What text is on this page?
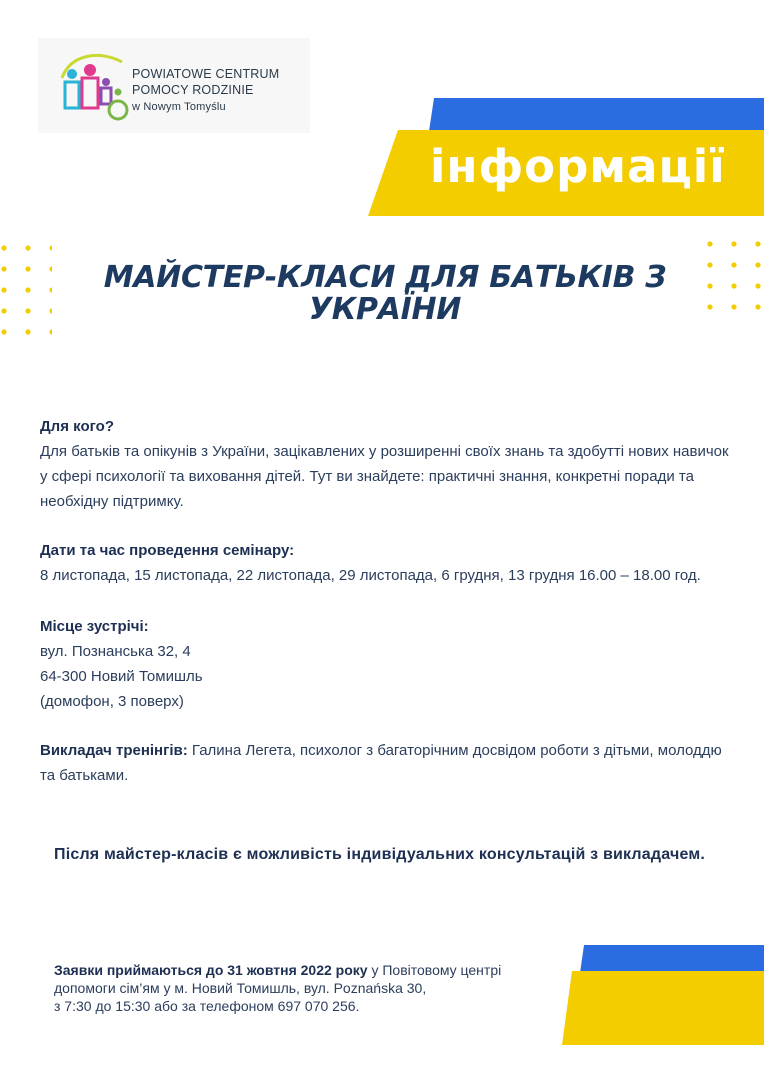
POWIATOWE CENTRUM
POMOCY RODZINIE
w Nowym Tomyślu
інформації
МАЙСТЕР-КЛАСИ ДЛЯ БАТЬКІВ З УКРАЇНИ

Для кого?

Для батьків та опікунів з України, зацікавлених у розширенні своїх знань та здобутті нових навичок у сфері психології та виховання дітей. Тут ви знайдете: практичні знання, конкретні поради та необхідну підтримку.

Дати та час проведення семінару:

8 листопада, 15 листопада, 22 листопада, 29 листопада, 6 грудня, 13 грудня 16.00 – 18.00 год.

Місце зустрічі:

вул. Познанська 32, 4

64-300 Новий Томишль

(домофон, 3 поверх)

Викладач тренінгів: Галина Легета, психолог з багаторічним досвідом роботи з дітьми, молоддю та батьками.

Після майстер-класів є можливість індивідуальних консультацій з викладачем.
Заявки приймаються до 31 жовтня 2022 року у Повітовому центрі
допомоги сім’ям у м. Новий Томишль, вул. Poznańska 30,
з 7:30 до 15:30 або за телефоном 697 070 256.
